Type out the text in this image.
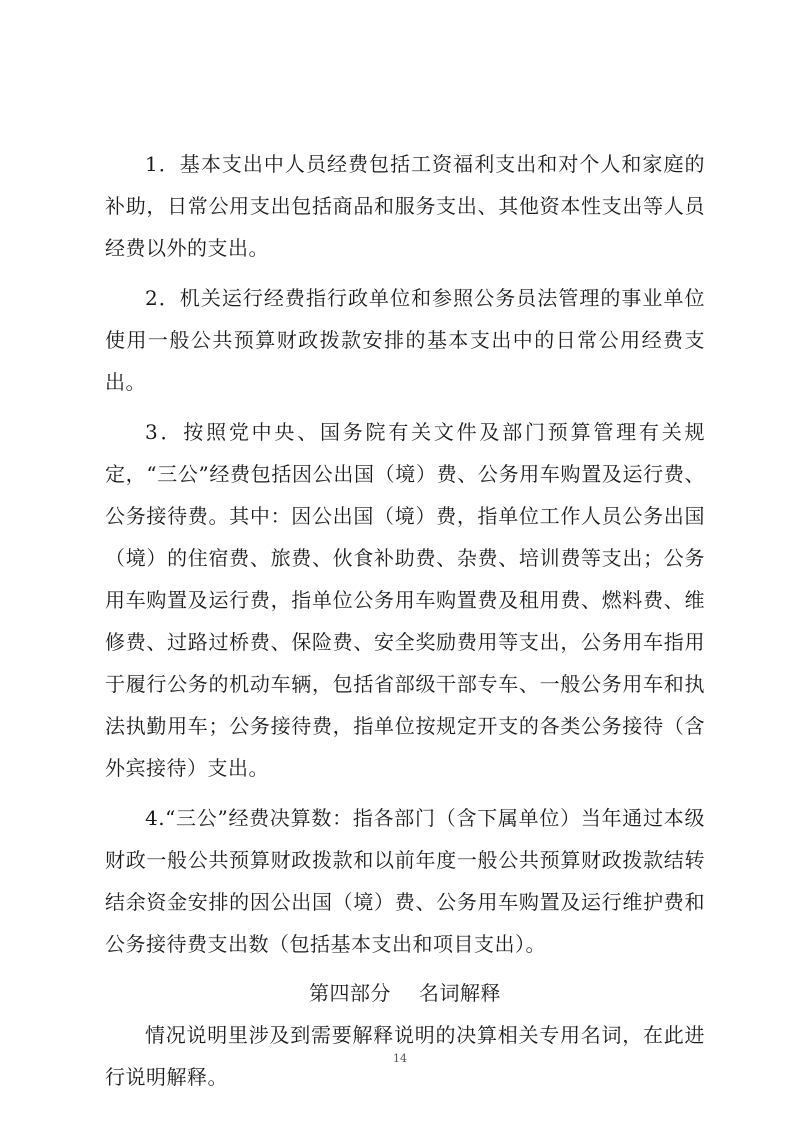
1．基本支出中人员经费包括工资福利支出和对个人和家庭的补助，日常公用支出包括商品和服务支出、其他资本性支出等人员经费以外的支出。

2．机关运行经费指行政单位和参照公务员法管理的事业单位使用一般公共预算财政拨款安排的基本支出中的日常公用经费支出。

3．按照党中央、国务院有关文件及部门预算管理有关规定，“三公”经费包括因公出国（境）费、公务用车购置及运行费、公务接待费。其中：因公出国（境）费，指单位工作人员公务出国（境）的住宿费、旅费、伙食补助费、杂费、培训费等支出；公务用车购置及运行费，指单位公务用车购置费及租用费、燃料费、维修费、过路过桥费、保险费、安全奖励费用等支出，公务用车指用于履行公务的机动车辆，包括省部级干部专车、一般公务用车和执法执勤用车；公务接待费，指单位按规定开支的各类公务接待（含外宾接待）支出。

4.“三公”经费决算数：指各部门（含下属单位）当年通过本级财政一般公共预算财政拨款和以前年度一般公共预算财政拨款结转结余资金安排的因公出国（境）费、公务用车购置及运行维护费和公务接待费支出数（包括基本支出和项目支出）。

第四部分 名词解释

情况说明里涉及到需要解释说明的决算相关专用名词，在此进行说明解释。

14
